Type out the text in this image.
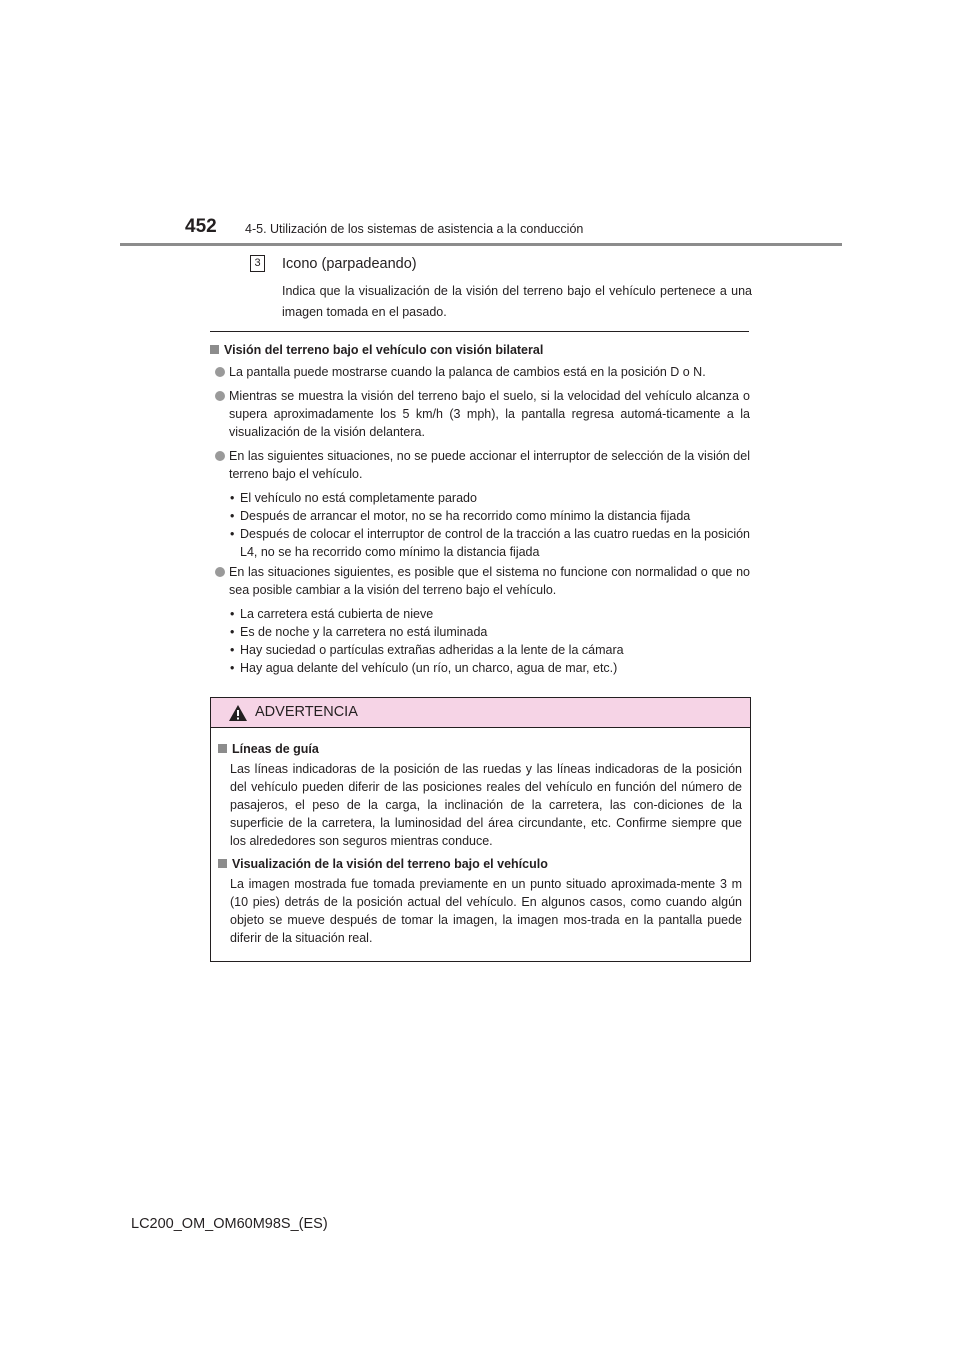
452 4-5. Utilización de los sistemas de asistencia a la conducción
3	Icono (parpadeando)
Indica que la visualización de la visión del terreno bajo el vehículo pertenece a una imagen tomada en el pasado.
Visión del terreno bajo el vehículo con visión bilateral
La pantalla puede mostrarse cuando la palanca de cambios está en la posición D o N.
Mientras se muestra la visión del terreno bajo el suelo, si la velocidad del vehículo alcanza o supera aproximadamente los 5 km/h (3 mph), la pantalla regresa automá-ticamente a la visualización de la visión delantera.
En las siguientes situaciones, no se puede accionar el interruptor de selección de la visión del terreno bajo el vehículo.
• El vehículo no está completamente parado
• Después de arrancar el motor, no se ha recorrido como mínimo la distancia fijada
• Después de colocar el interruptor de control de la tracción a las cuatro ruedas en la posición L4, no se ha recorrido como mínimo la distancia fijada
En las situaciones siguientes, es posible que el sistema no funcione con normalidad o que no sea posible cambiar a la visión del terreno bajo el vehículo.
• La carretera está cubierta de nieve
• Es de noche y la carretera no está iluminada
• Hay suciedad o partículas extrañas adheridas a la lente de la cámara
• Hay agua delante del vehículo (un río, un charco, agua de mar, etc.)
ADVERTENCIA
Líneas de guía
Las líneas indicadoras de la posición de las ruedas y las líneas indicadoras de la posición del vehículo pueden diferir de las posiciones reales del vehículo en función del número de pasajeros, el peso de la carga, la inclinación de la carretera, las con-diciones de la superficie de la carretera, la luminosidad del área circundante, etc. Confirme siempre que los alrededores son seguros mientras conduce.
Visualización de la visión del terreno bajo el vehículo
La imagen mostrada fue tomada previamente en un punto situado aproximada-mente 3 m (10 pies) detrás de la posición actual del vehículo. En algunos casos, como cuando algún objeto se mueve después de tomar la imagen, la imagen mos-trada en la pantalla puede diferir de la situación real.
LC200_OM_OM60M98S_(ES)
